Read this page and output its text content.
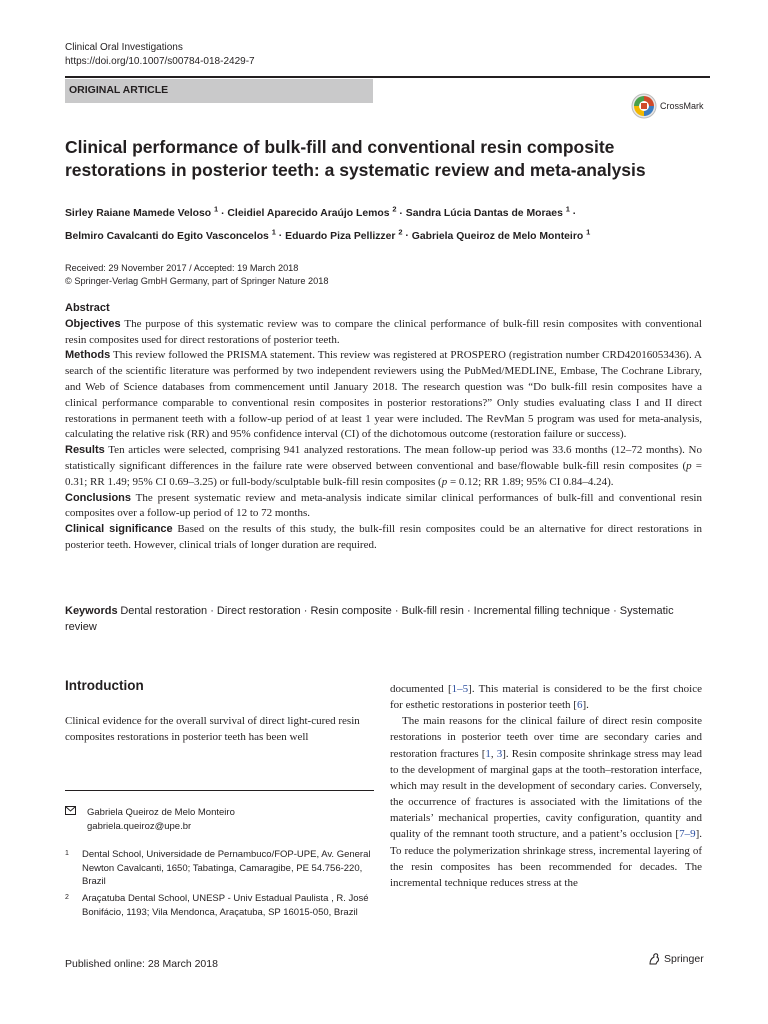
Clinical Oral Investigations
https://doi.org/10.1007/s00784-018-2429-7
ORIGINAL ARTICLE
CrossMark
Clinical performance of bulk-fill and conventional resin composite restorations in posterior teeth: a systematic review and meta-analysis
Sirley Raiane Mamede Veloso $^1$ · Cleidiel Aparecido Araújo Lemos $^2$ · Sandra Lúcia Dantas de Moraes $^1$ ·
Belmiro Cavalcanti do Egito Vasconcelos $^1$ · Eduardo Piza Pellizzer $^2$ · Gabriela Queiroz de Melo Monteiro $^1$
Received: 29 November 2017 / Accepted: 19 March 2018
© Springer-Verlag GmbH Germany, part of Springer Nature 2018

Abstract

Objectives The purpose of this systematic review was to compare the clinical performance of bulk-fill resin composites with conventional resin composites used for direct restorations of posterior teeth.

Methods This review followed the PRISMA statement. This review was registered at PROSPERO (registration number CRD42016053436). A search of the scientific literature was performed by two independent reviewers using the PubMed/MEDLINE, Embase, The Cochrane Library, and Web of Science databases from commencement until January 2018. The research question was “Do bulk-fill resin composites have a clinical performance comparable to conventional resin composites in posterior restorations?” Only studies evaluating class I and II direct restorations in permanent teeth with a follow-up period of at least 1 year were included. The RevMan 5 program was used for meta-analysis, calculating the relative risk (RR) and 95% confidence interval (CI) of the dichotomous outcome (restoration failure or success).

Results Ten articles were selected, comprising 941 analyzed restorations. The mean follow-up period was 33.6 months (12–72 months). No statistically significant differences in the failure rate were observed between conventional and base/flowable bulk-fill resin composites (p = 0.31; RR 1.49; 95% CI 0.69–3.25) or full-body/sculptable bulk-fill resin composites (p = 0.12; RR 1.89; 95% CI 0.84–4.24).

Conclusions The present systematic review and meta-analysis indicate similar clinical performances of bulk-fill and conventional resin composites over a follow-up period of 12 to 72 months.

Clinical significance Based on the results of this study, the bulk-fill resin composites could be an alternative for direct restorations in posterior teeth. However, clinical trials of longer duration are required.

Keywords Dental restoration · Direct restoration · Resin composite · Bulk-fill resin · Incremental filling technique · Systematic review
Introduction
Clinical evidence for the overall survival of direct light-cured resin composites restorations in posterior teeth has been well
Gabriela Queiroz de Melo Monteiro
gabriela.queiroz@upe.br
1	Dental School, Universidade de Pernambuco/FOP-UPE, Av. General Newton Cavalcanti, 1650; Tabatinga, Camaragibe, PE 54.756-220, Brazil
2	Araçatuba Dental School, UNESP - Univ Estadual Paulista , R. José Bonifácio, 1193; Vila Mendonca, Araçatuba, SP 16015-050, Brazil

documented [1–5]. This material is considered to be the first choice for esthetic restorations in posterior teeth [6].

The main reasons for the clinical failure of direct resin composite restorations in posterior teeth over time are secondary caries and restoration fractures [1, 3]. Resin composite shrinkage stress may lead to the development of marginal gaps at the tooth–restoration interface, which may result in the development of secondary caries. Conversely, the occurrence of fractures is associated with the limitations of the materials’ mechanical properties, cavity configuration, quantity and quality of the remnant tooth structure, and a patient’s occlusion [7–9]. To reduce the polymerization shrinkage stress, incremental layering of the resin composites has been recommended for decades. The incremental technique reduces stress at the

Published online: 28 March 2018	Springer
